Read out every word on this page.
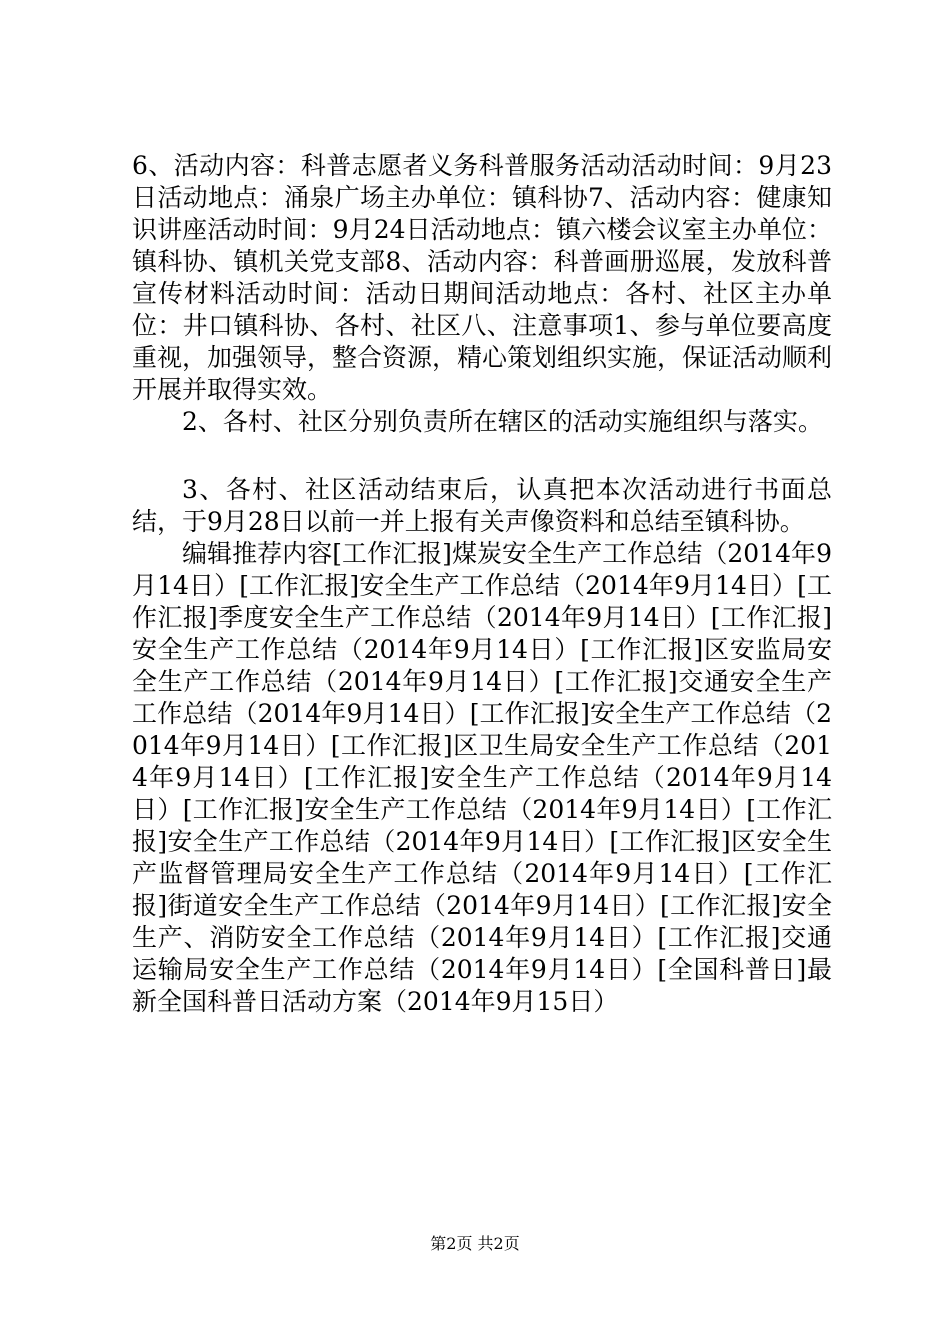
6、活动内容：科普志愿者义务科普服务活动活动时间：9月23日活动地点：涌泉广场主办单位：镇科协7、活动内容：健康知识讲座活动时间：9月24日活动地点：镇六楼会议室主办单位：镇科协、镇机关党支部8、活动内容：科普画册巡展，发放科普宣传材料活动时间：活动日期间活动地点：各村、社区主办单位：井口镇科协、各村、社区八、注意事项1、参与单位要高度重视，加强领导，整合资源，精心策划组织实施，保证活动顺利开展并取得实效。

2、各村、社区分别负责所在辖区的活动实施组织与落实。

3、各村、社区活动结束后，认真把本次活动进行书面总结，于9月28日以前一并上报有关声像资料和总结至镇科协。

编辑推荐内容[工作汇报]煤炭安全生产工作总结（2014年9月14日）[工作汇报]安全生产工作总结（2014年9月14日）[工作汇报]季度安全生产工作总结（2014年9月14日）[工作汇报]安全生产工作总结（2014年9月14日）[工作汇报]区安监局安全生产工作总结（2014年9月14日）[工作汇报]交通安全生产工作总结（2014年9月14日）[工作汇报]安全生产工作总结（2014年9月14日）[工作汇报]区卫生局安全生产工作总结（2014年9月14日）[工作汇报]安全生产工作总结（2014年9月14日）[工作汇报]安全生产工作总结（2014年9月14日）[工作汇报]安全生产工作总结（2014年9月14日）[工作汇报]区安全生产监督管理局安全生产工作总结（2014年9月14日）[工作汇报]街道安全生产工作总结（2014年9月14日）[工作汇报]安全生产、消防安全工作总结（2014年9月14日）[工作汇报]交通运输局安全生产工作总结（2014年9月14日）[全国科普日]最新全国科普日活动方案（2014年9月15日）

第2页 共2页
